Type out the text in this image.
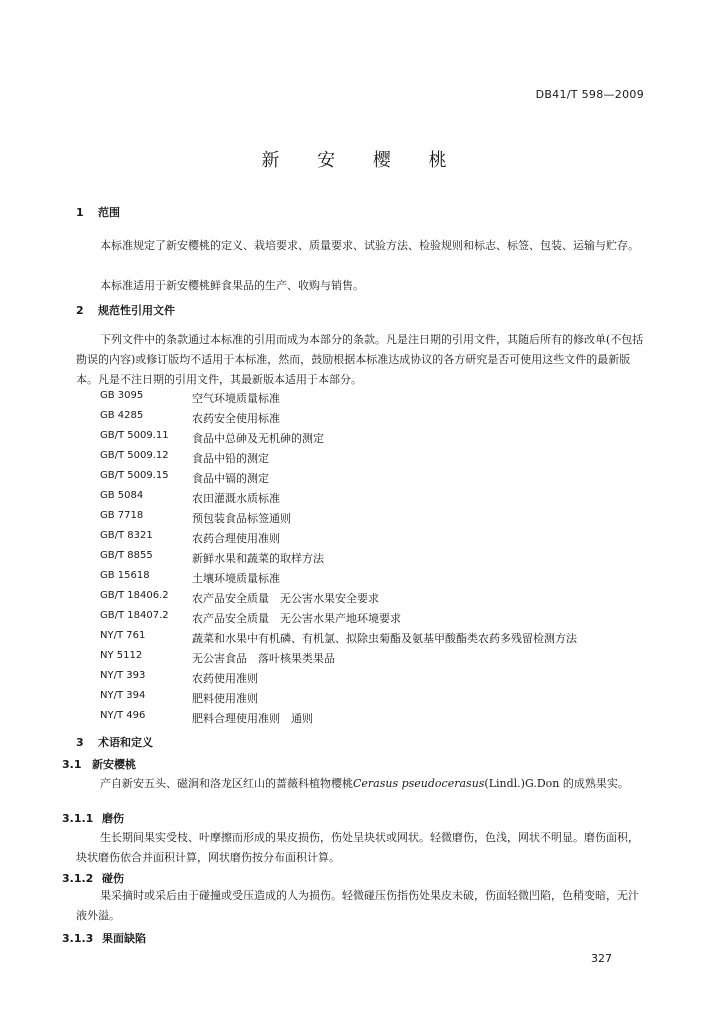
DB41/T 598—2009
新 安 樱 桃
1 范围
本标准规定了新安樱桃的定义、栽培要求、质量要求、试验方法、检验规则和标志、标签、包装、运输与贮存。
本标准适用于新安樱桃鲜食果品的生产、收购与销售。
2 规范性引用文件
下列文件中的条款通过本标准的引用而成为本部分的条款。凡是注日期的引用文件，其随后所有的修改单(不包括勘误的内容)或修订版均不适用于本标准，然而，鼓励根据本标准达成协议的各方研究是否可使用这些文件的最新版本。凡是不注日期的引用文件，其最新版本适用于本部分。
GB 3095	空气环境质量标准
GB 4285	农药安全使用标准
GB/T 5009.11	食品中总砷及无机砷的测定
GB/T 5009.12	食品中铅的测定
GB/T 5009.15	食品中镉的测定
GB 5084	农田灌溉水质标准
GB 7718	预包装食品标签通则
GB/T 8321	农药合理使用准则
GB/T 8855	新鲜水果和蔬菜的取样方法
GB 15618	土壤环境质量标准
GB/T 18406.2	农产品安全质量　无公害水果安全要求
GB/T 18407.2	农产品安全质量　无公害水果产地环境要求
NY/T 761	蔬菜和水果中有机磷、有机氯、拟除虫菊酯及氨基甲酸酯类农药多残留检测方法
NY 5112	无公害食品　落叶核果类果品
NY/T 393	农药使用准则
NY/T 394	肥料使用准则
NY/T 496	肥料合理使用准则　通则
3 术语和定义
3.1 新安樱桃
产自新安五头、磁涧和洛龙区红山的蔷薇科植物樱桃Cerasus pseudocerasus(Lindl.)G.Don 的成熟果实。
3.1.1 磨伤
生长期间果实受枝、叶摩擦而形成的果皮损伤，伤处呈块状或网状。轻微磨伤，色浅，网状不明显。磨伤面积，块状磨伤依合并面积计算，网状磨伤按分布面积计算。
3.1.2 碰伤
果采摘时或采后由于碰撞或受压造成的人为损伤。轻微碰压伤指伤处果皮未破，伤面轻微凹陷，色稍变暗，无汁液外溢。
3.1.3 果面缺陷
327
